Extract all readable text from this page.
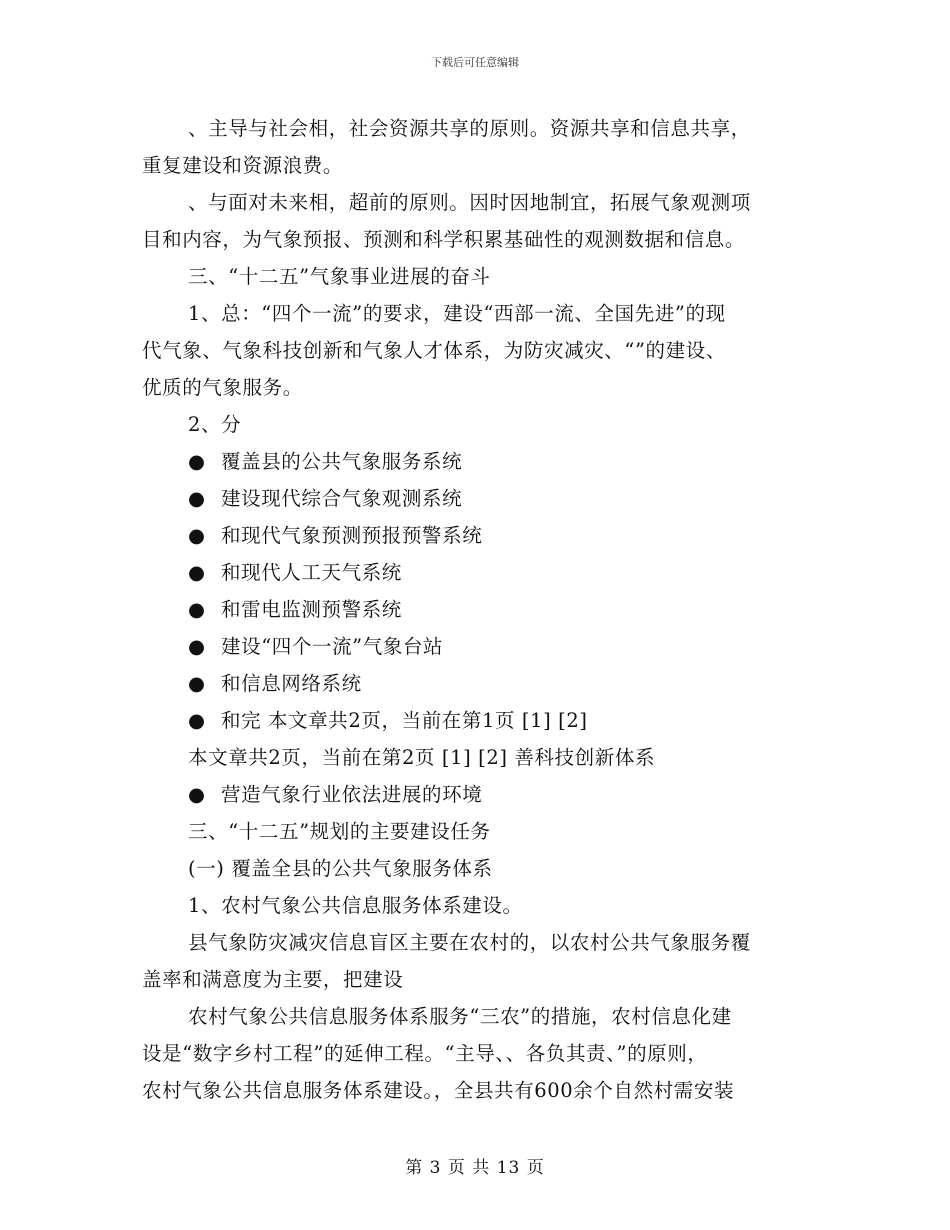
下载后可任意编辑

、主导与社会相，社会资源共享的原则。资源共享和信息共享，

重复建设和资源浪费。

、与面对未来相，超前的原则。因时因地制宜，拓展气象观测项

目和内容，为气象预报、预测和科学积累基础性的观测数据和信息。

三、“十二五”气象事业进展的奋斗

1、总：“四个一流”的要求，建设“西部一流、全国先进”的现

代气象、气象科技创新和气象人才体系，为防灾减灾、“”的建设、

优质的气象服务。

2、分

● 覆盖县的公共气象服务系统

● 建设现代综合气象观测系统

● 和现代气象预测预报预警系统

● 和现代人工天气系统

● 和雷电监测预警系统

● 建设“四个一流”气象台站

● 和信息网络系统

● 和完 本文章共2页，当前在第1页 [1] [2]

本文章共2页，当前在第2页 [1] [2] 善科技创新体系

● 营造气象行业依法进展的环境

三、“十二五”规划的主要建设任务

(一) 覆盖全县的公共气象服务体系

1、农村气象公共信息服务体系建设。

县气象防灾减灾信息盲区主要在农村的，以农村公共气象服务覆

盖率和满意度为主要，把建设

农村气象公共信息服务体系服务“三农”的措施，农村信息化建

设是“数字乡村工程”的延伸工程。“主导、、各负其责、”的原则，

农村气象公共信息服务体系建设。，全县共有600余个自然村需安装

第 3 页 共 13 页
